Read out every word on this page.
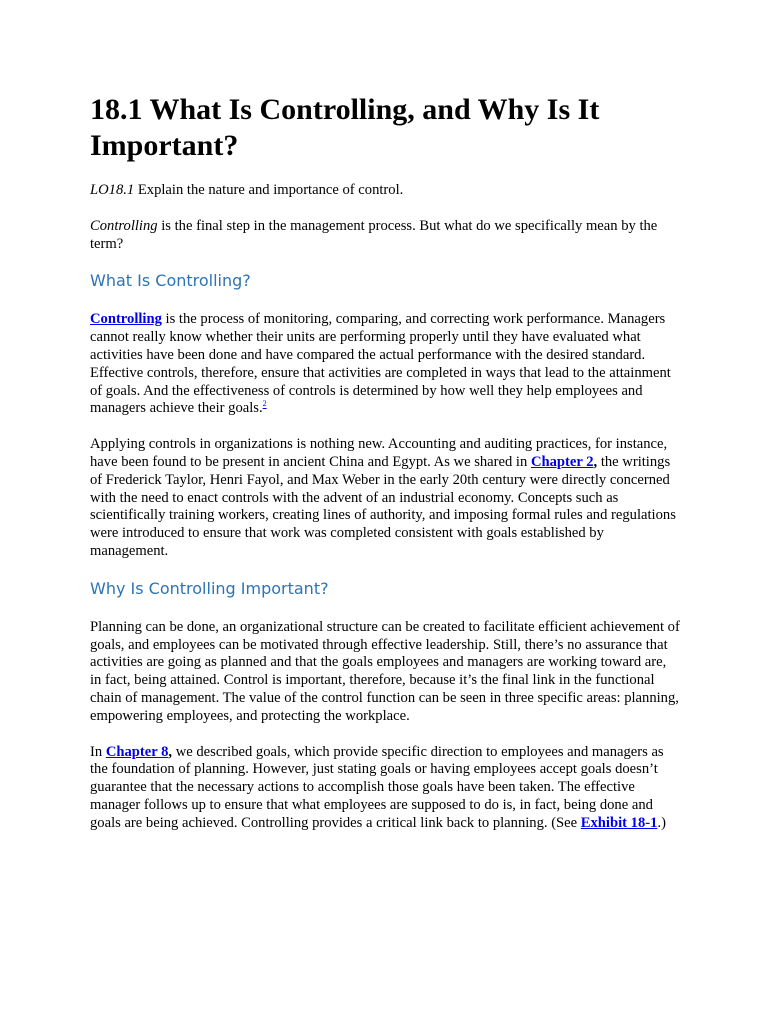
18.1 What Is Controlling, and Why Is It Important?

LO18.1 Explain the nature and importance of control.

Controlling is the final step in the management process. But what do we specifically mean by the term?

What Is Controlling?

Controlling is the process of monitoring, comparing, and correcting work performance. Managers cannot really know whether their units are performing properly until they have evaluated what activities have been done and have compared the actual performance with the desired standard. Effective controls, therefore, ensure that activities are completed in ways that lead to the attainment of goals. And the effectiveness of controls is determined by how well they help employees and managers achieve their goals.$^2$

Applying controls in organizations is nothing new. Accounting and auditing practices, for instance, have been found to be present in ancient China and Egypt. As we shared in Chapter 2, the writings of Frederick Taylor, Henri Fayol, and Max Weber in the early 20th century were directly concerned with the need to enact controls with the advent of an industrial economy. Concepts such as scientifically training workers, creating lines of authority, and imposing formal rules and regulations were introduced to ensure that work was completed consistent with goals established by management.

Why Is Controlling Important?

Planning can be done, an organizational structure can be created to facilitate efficient achievement of goals, and employees can be motivated through effective leadership. Still, there’s no assurance that activities are going as planned and that the goals employees and managers are working toward are, in fact, being attained. Control is important, therefore, because it’s the final link in the functional chain of management. The value of the control function can be seen in three specific areas: planning, empowering employees, and protecting the workplace.

In Chapter 8, we described goals, which provide specific direction to employees and managers as the foundation of planning. However, just stating goals or having employees accept goals doesn’t guarantee that the necessary actions to accomplish those goals have been taken. The effective manager follows up to ensure that what employees are supposed to do is, in fact, being done and goals are being achieved. Controlling provides a critical link back to planning. (See Exhibit 18-1.)
